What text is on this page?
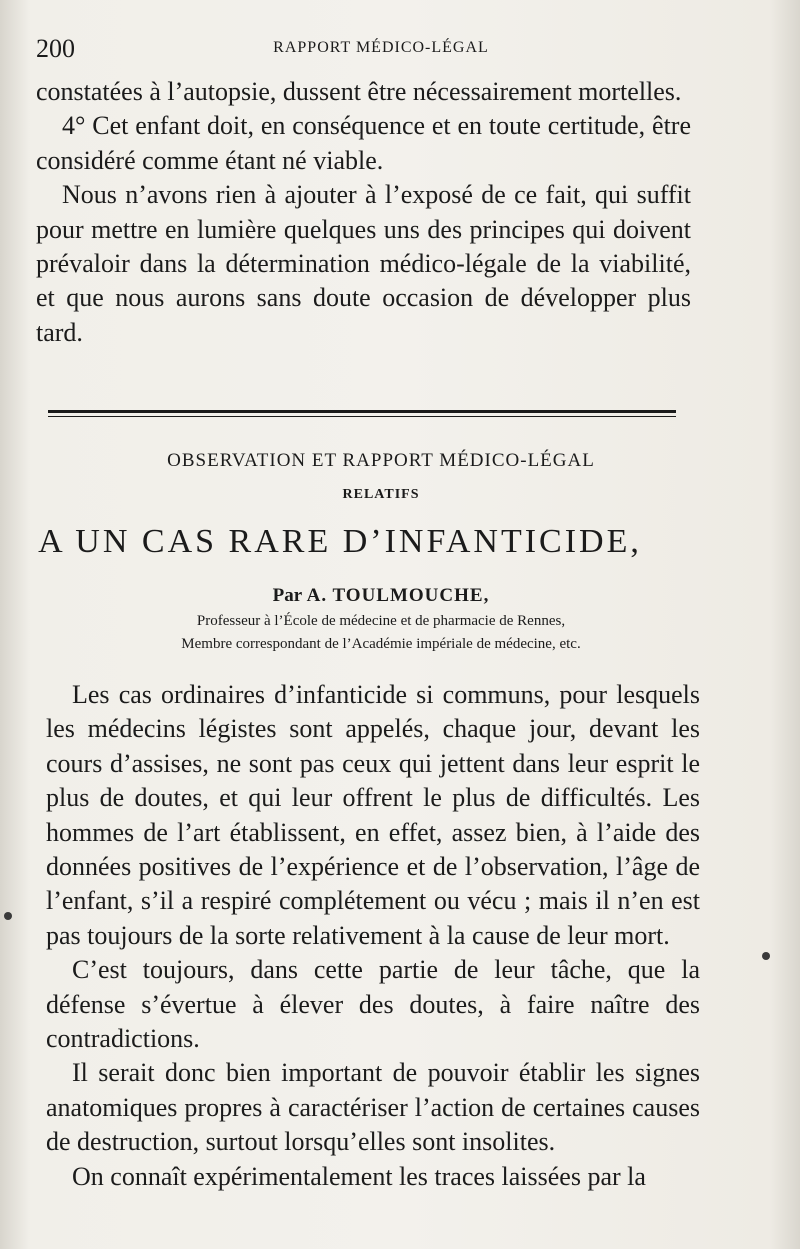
200	RAPPORT MÉDICO-LÉGAL

constatées à l’autopsie, dussent être nécessairement mortelles.

4° Cet enfant doit, en conséquence et en toute certitude, être considéré comme étant né viable.

Nous n’avons rien à ajouter à l’exposé de ce fait, qui suffit pour mettre en lumière quelques uns des principes qui doivent prévaloir dans la détermination médico-légale de la viabilité, et que nous aurons sans doute occasion de développer plus tard.

OBSERVATION ET RAPPORT MÉDICO-LÉGAL
RELATIFS
A UN CAS RARE D’INFANTICIDE,
Par A. TOULMOUCHE,
Professeur à l’École de médecine et de pharmacie de Rennes,
Membre correspondant de l’Académie impériale de médecine, etc.

Les cas ordinaires d’infanticide si communs, pour lesquels les médecins légistes sont appelés, chaque jour, devant les cours d’assises, ne sont pas ceux qui jettent dans leur esprit le plus de doutes, et qui leur offrent le plus de difficultés. Les hommes de l’art établissent, en effet, assez bien, à l’aide des données positives de l’expérience et de l’observation, l’âge de l’enfant, s’il a respiré complétement ou vécu ; mais il n’en est pas toujours de la sorte relativement à la cause de leur mort.

C’est toujours, dans cette partie de leur tâche, que la défense s’évertue à élever des doutes, à faire naître des contradictions.

Il serait donc bien important de pouvoir établir les signes anatomiques propres à caractériser l’action de certaines causes de destruction, surtout lorsqu’elles sont insolites.

On connaît expérimentalement les traces laissées par la
